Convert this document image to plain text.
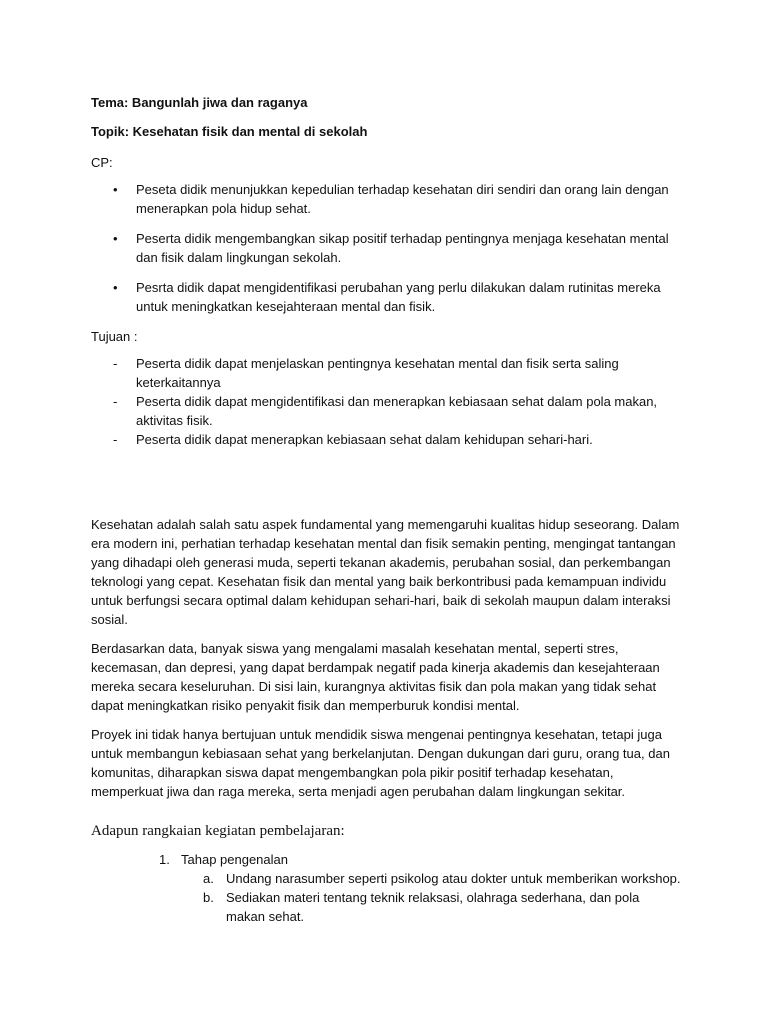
Tema: Bangunlah jiwa dan raganya

Topik: Kesehatan fisik dan mental di sekolah

CP:

• Peseta didik menunjukkan kepedulian terhadap kesehatan diri sendiri dan orang lain dengan menerapkan pola hidup sehat.
• Peserta didik mengembangkan sikap positif terhadap pentingnya menjaga kesehatan mental dan fisik dalam lingkungan sekolah.
• Pesrta didik dapat mengidentifikasi perubahan yang perlu dilakukan dalam rutinitas mereka untuk meningkatkan kesejahteraan mental dan fisik.

Tujuan :

- Peserta didik dapat menjelaskan pentingnya kesehatan mental dan fisik serta saling keterkaitannya
- Peserta didik dapat mengidentifikasi dan menerapkan kebiasaan sehat dalam pola makan, aktivitas fisik.
- Peserta didik dapat menerapkan kebiasaan sehat dalam kehidupan sehari-hari.

Kesehatan adalah salah satu aspek fundamental yang memengaruhi kualitas hidup seseorang. Dalam era modern ini, perhatian terhadap kesehatan mental dan fisik semakin penting, mengingat tantangan yang dihadapi oleh generasi muda, seperti tekanan akademis, perubahan sosial, dan perkembangan teknologi yang cepat. Kesehatan fisik dan mental yang baik berkontribusi pada kemampuan individu untuk berfungsi secara optimal dalam kehidupan sehari-hari, baik di sekolah maupun dalam interaksi sosial.

Berdasarkan data, banyak siswa yang mengalami masalah kesehatan mental, seperti stres, kecemasan, dan depresi, yang dapat berdampak negatif pada kinerja akademis dan kesejahteraan mereka secara keseluruhan. Di sisi lain, kurangnya aktivitas fisik dan pola makan yang tidak sehat dapat meningkatkan risiko penyakit fisik dan memperburuk kondisi mental.

Proyek ini tidak hanya bertujuan untuk mendidik siswa mengenai pentingnya kesehatan, tetapi juga untuk membangun kebiasaan sehat yang berkelanjutan. Dengan dukungan dari guru, orang tua, dan komunitas, diharapkan siswa dapat mengembangkan pola pikir positif terhadap kesehatan, memperkuat jiwa dan raga mereka, serta menjadi agen perubahan dalam lingkungan sekitar.

Adapun rangkaian kegiatan pembelajaran:

1. Tahap pengenalan
a. Undang narasumber seperti psikolog atau dokter untuk memberikan workshop.
b. Sediakan materi tentang teknik relaksasi, olahraga sederhana, dan pola makan sehat.
